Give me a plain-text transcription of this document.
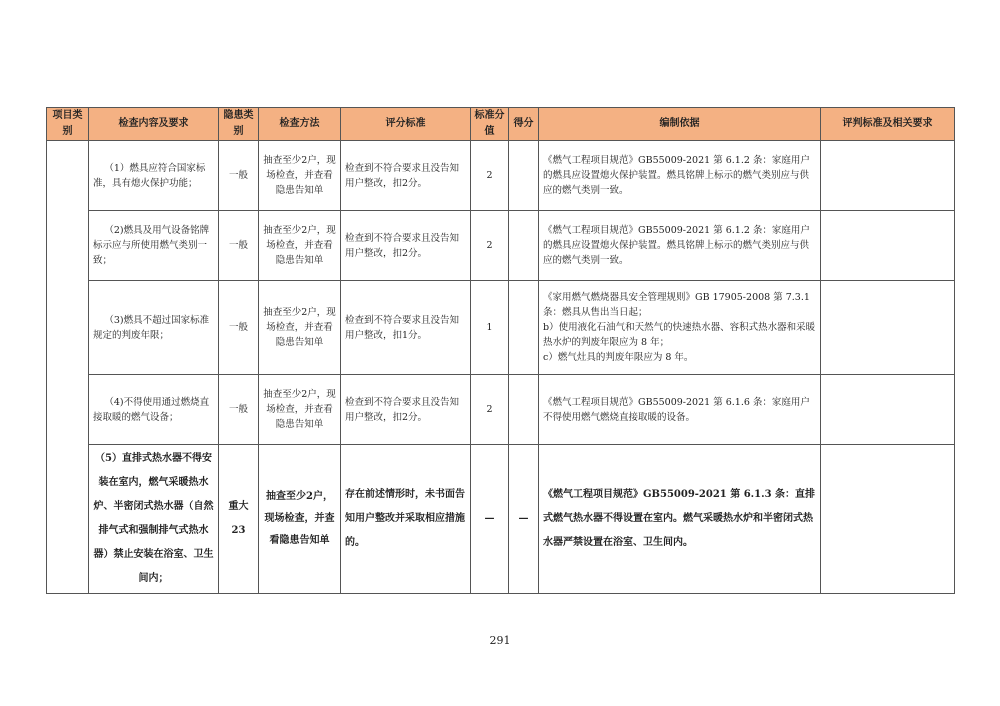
项目类别	检查内容及要求	隐患类别	检查方法	评分标准	标准分值	得分	编制依据	评判标准及相关要求
	（1）燃具应符合国家标准，具有熄火保护功能；	一般	抽查至少2户，现场检查，并查看隐患告知单	检查到不符合要求且没告知用户整改，扣2分。	2		《燃气工程项目规范》GB55009-2021 第 6.1.2 条：家庭用户的燃具应设置熄火保护装置。燃具铭牌上标示的燃气类别应与供应的燃气类别一致。	

	（2)燃具及用气设备铭牌标示应与所使用燃气类别一致；	一般	抽查至少2户，现场检查，并查看隐患告知单	检查到不符合要求且没告知用户整改，扣2分。	2		《燃气工程项目规范》GB55009-2021 第 6.1.2 条：家庭用户的燃具应设置熄火保护装置。燃具铭牌上标示的燃气类别应与供应的燃气类别一致。	

	（3)燃具不超过国家标准规定的判废年限；	一般	抽查至少2户，现场检查，并查看隐患告知单	检查到不符合要求且没告知用户整改，扣1分。	1		《家用燃气燃烧器具安全管理规则》GB 17905-2008 第 7.3.1 条：燃具从售出当日起；
b）使用液化石油气和天然气的快速热水器、容积式热水器和采暖热水炉的判废年限应为 8 年；
c）燃气灶具的判废年限应为 8 年。	

	（4)不得使用通过燃烧直接取暖的燃气设备；	一般	抽查至少2户，现场检查，并查看隐患告知单	检查到不符合要求且没告知用户整改，扣2分。	2		《燃气工程项目规范》GB55009-2021 第 6.1.6 条：家庭用户不得使用燃气燃烧直接取暖的设备。	

	（5）直排式热水器不得安装在室内，燃气采暖热水炉、半密闭式热水器（自然排气式和强制排气式热水器）禁止安装在浴室、卫生间内；	重大 23	抽查至少2户，现场检查，并查看隐患告知单	存在前述情形时，未书面告知用户整改并采取相应措施的。	—	—	《燃气工程项目规范》GB55009-2021 第 6.1.3 条：直排式燃气热水器不得设置在室内。燃气采暖热水炉和半密闭式热水器严禁设置在浴室、卫生间内。	

291
